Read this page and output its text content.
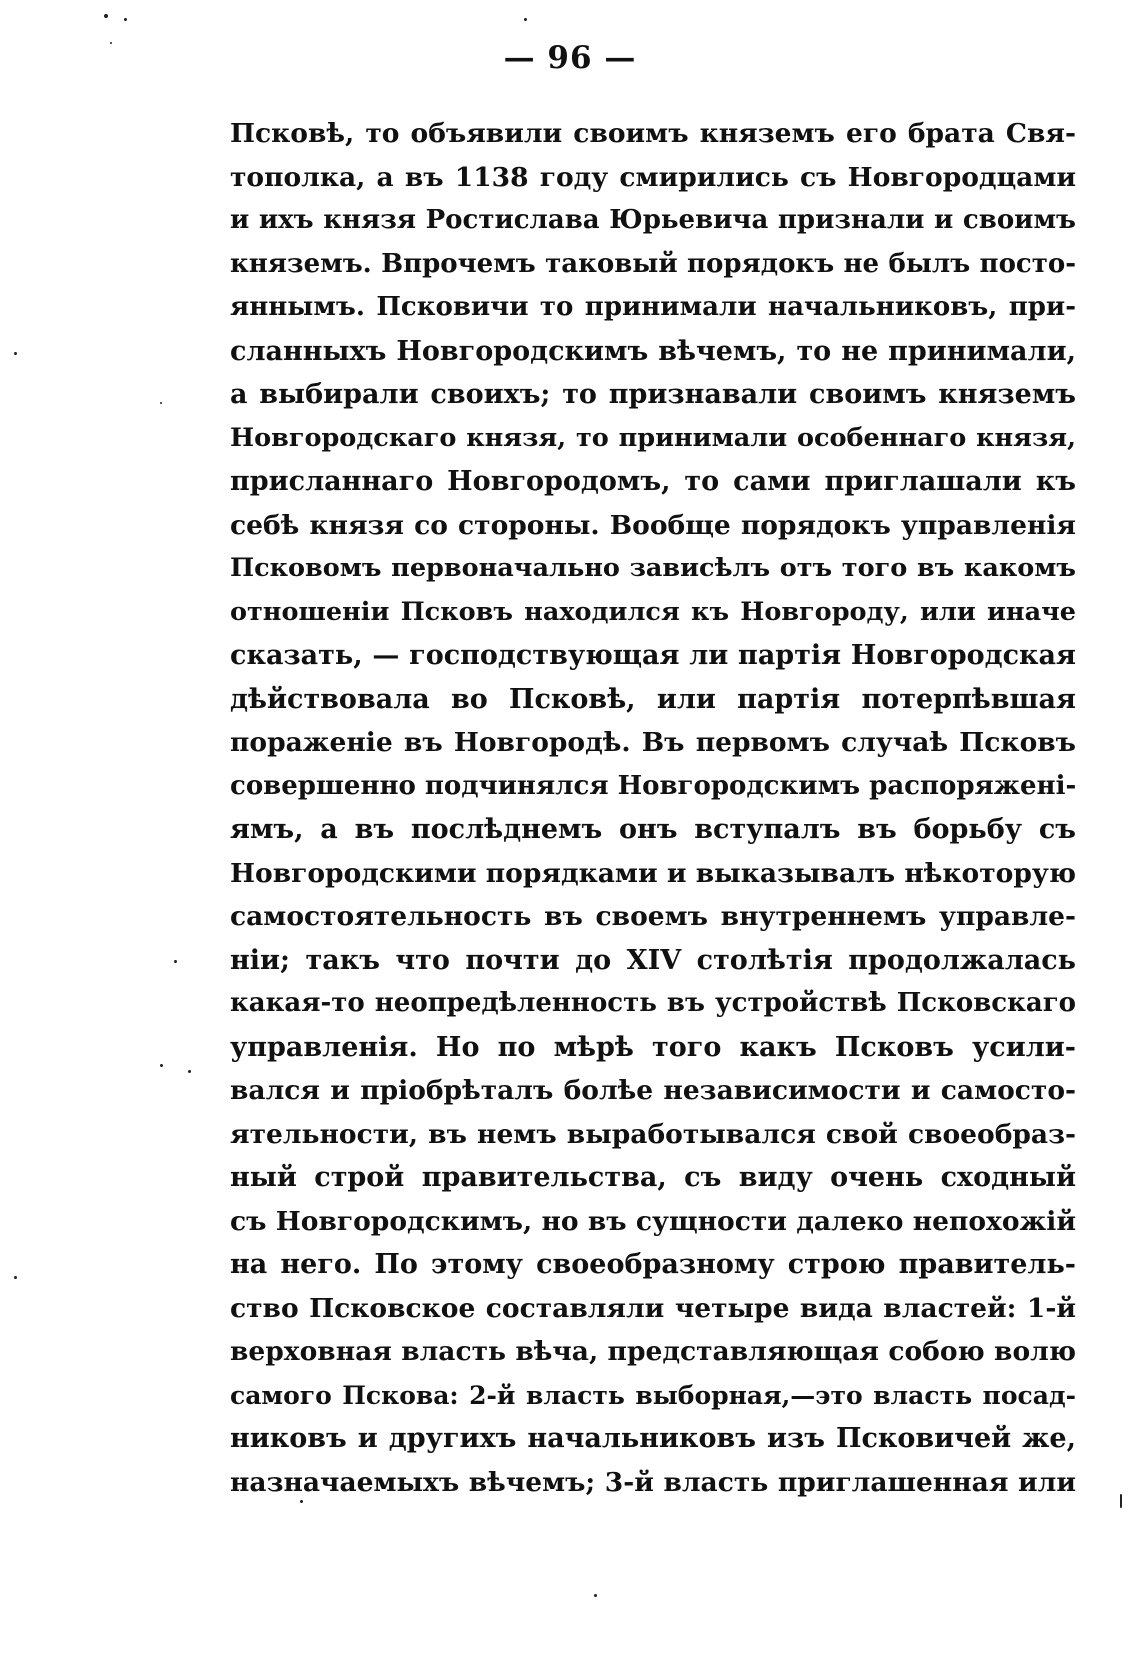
— 96 —
Псковѣ, то объявили своимъ княземъ его брата Свя-
тополка, а въ 1138 году смирились съ Новгородцами
и ихъ князя Ростислава Юрьевича признали и своимъ
княземъ. Впрочемъ таковый порядокъ не былъ посто-
яннымъ. Псковичи то принимали начальниковъ, при-
сланныхъ Новгородскимъ вѣчемъ, то не принимали,
а выбирали своихъ; то признавали своимъ княземъ
Новгородскаго князя, то принимали особеннаго князя,
присланнаго Новгородомъ, то сами приглашали къ
себѣ князя со стороны. Вообще порядокъ управленія
Псковомъ первоначально зависѣлъ отъ того въ какомъ
отношеніи Псковъ находился къ Новгороду, или иначе
сказать, — господствующая ли партія Новгородская
дѣйствовала во Псковѣ, или партія потерпѣвшая
пораженіе въ Новгородѣ. Въ первомъ случаѣ Псковъ
совершенно подчинялся Новгородскимъ распоряжені-
ямъ, а въ послѣднемъ онъ вступалъ въ борьбу съ
Новгородскими порядками и выказывалъ нѣкоторую
самостоятельность въ своемъ внутреннемъ управле-
ніи; такъ что почти до XIV столѣтія продолжалась
какая-то неопредѣленность въ устройствѣ Псковскаго
управленія. Но по мѣрѣ того какъ Псковъ усили-
вался и пріобрѣталъ болѣе независимости и самосто-
ятельности, въ немъ выработывался свой своеобраз-
ный строй правительства, съ виду очень сходный
съ Новгородскимъ, но въ сущности далеко непохожій
на него. По этому своеобразному строю правитель-
ство Псковское составляли четыре вида властей: 1-й
верховная власть вѣча, представляющая собою волю
самого Пскова: 2-й власть выборная,—это власть посад-
никовъ и другихъ начальниковъ изъ Псковичей же,
назначаемыхъ вѣчемъ; 3-й власть приглашенная или
